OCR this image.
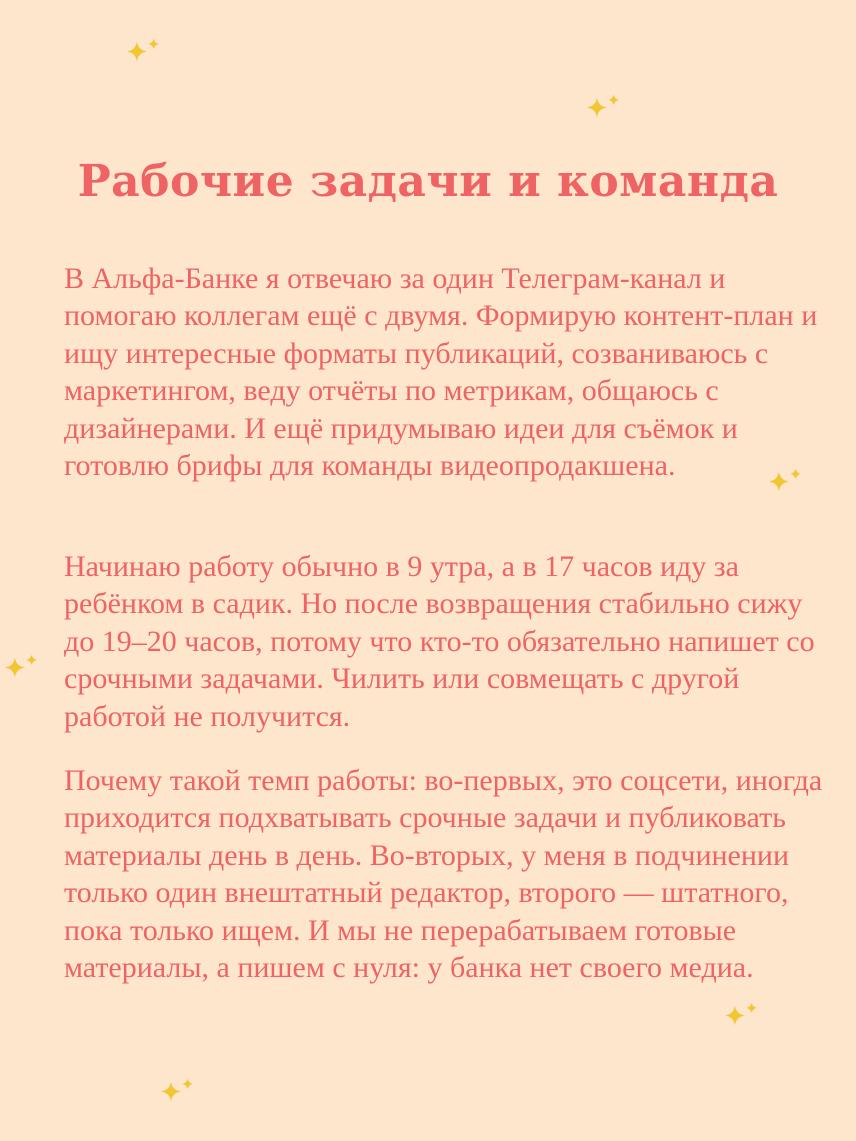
✦✦
✦✦
✦✦
✦✦
✦✦
✦✦
Рабочие задачи и команда

В Альфа-Банке я отвечаю за один Телеграм-канал и помогаю коллегам ещё с двумя. Формирую контент-план и ищу интересные форматы публикаций, созваниваюсь с маркетингом, веду отчёты по метрикам, общаюсь с дизайнерами. И ещё придумываю идеи для съёмок и готовлю брифы для команды видеопродакшена.

Начинаю работу обычно в 9 утра, а в 17 часов иду за ребёнком в садик. Но после возвращения стабильно сижу до 19–20 часов, потому что кто-то обязательно напишет со срочными задачами. Чилить или совмещать с другой работой не получится.

Почему такой темп работы: во-первых, это соцсети, иногда приходится подхватывать срочные задачи и публиковать материалы день в день. Во-вторых, у меня в подчинении только один внештатный редактор, второго — штатного, пока только ищем. И мы не перерабатываем готовые материалы, а пишем с нуля: у банка нет своего медиа.
